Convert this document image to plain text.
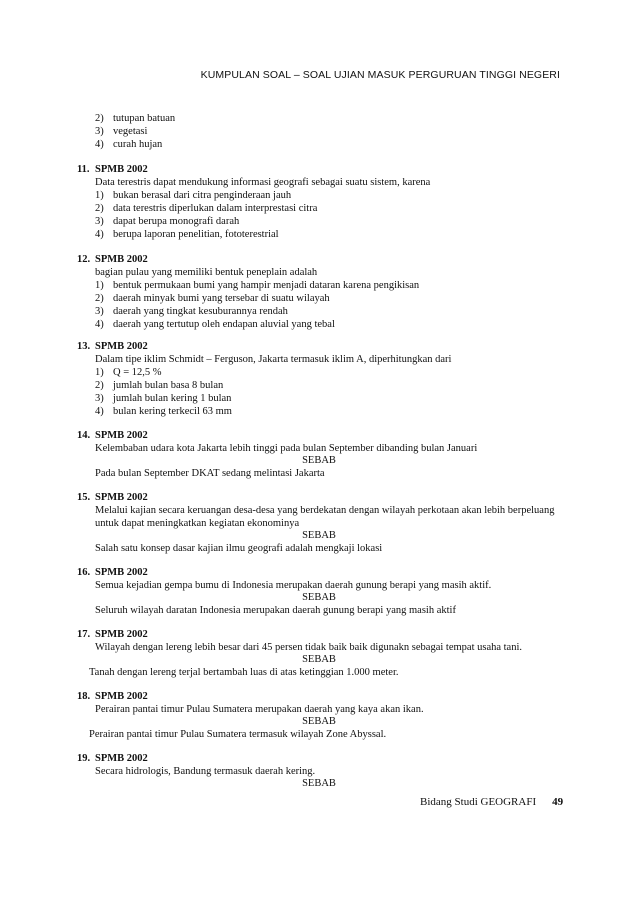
KUMPULAN SOAL – SOAL UJIAN MASUK PERGURUAN TINGGI NEGERI
2) tutupan batuan
3) vegetasi
4) curah hujan
11. SPMB 2002
Data terestris dapat mendukung informasi geografi sebagai suatu sistem, karena
1) bukan berasal dari citra penginderaan jauh
2) data terestris diperlukan dalam interprestasi citra
3) dapat berupa monografi darah
4) berupa laporan penelitian, fototerestrial
12. SPMB 2002
bagian pulau yang memiliki bentuk peneplain adalah
1) bentuk permukaan bumi yang hampir menjadi dataran karena pengikisan
2) daerah minyak bumi yang tersebar di suatu wilayah
3) daerah yang tingkat kesuburannya rendah
4) daerah yang tertutup oleh endapan aluvial yang tebal
13. SPMB 2002
Dalam tipe iklim Schmidt – Ferguson, Jakarta termasuk iklim A, diperhitungkan dari
1) Q = 12,5 %
2) jumlah bulan basa 8 bulan
3) jumlah bulan kering 1 bulan
4) bulan kering terkecil 63 mm
14. SPMB 2002
Kelembaban udara kota Jakarta lebih tinggi pada bulan September dibanding bulan Januari
SEBAB
Pada bulan September DKAT sedang melintasi Jakarta
15. SPMB 2002
Melalui kajian secara keruangan desa-desa yang berdekatan dengan wilayah perkotaan akan lebih berpeluang
untuk dapat meningkatkan kegiatan ekonominya
SEBAB
Salah satu konsep dasar kajian ilmu geografi adalah mengkaji lokasi
16. SPMB 2002
Semua kejadian gempa bumu di Indonesia merupakan daerah gunung berapi yang masih aktif.
SEBAB
Seluruh wilayah daratan Indonesia merupakan daerah gunung berapi yang masih aktif
17. SPMB 2002
Wilayah dengan lereng lebih besar dari 45 persen tidak baik baik digunakn sebagai tempat usaha tani.
SEBAB
Tanah dengan lereng terjal bertambah luas di atas ketinggian 1.000 meter.
18. SPMB 2002
Perairan pantai timur Pulau Sumatera merupakan daerah yang kaya akan ikan.
SEBAB
Perairan pantai timur Pulau Sumatera termasuk wilayah Zone Abyssal.
19. SPMB 2002
Secara hidrologis, Bandung termasuk daerah kering.
SEBAB
Bidang Studi GEOGRAFI 49
